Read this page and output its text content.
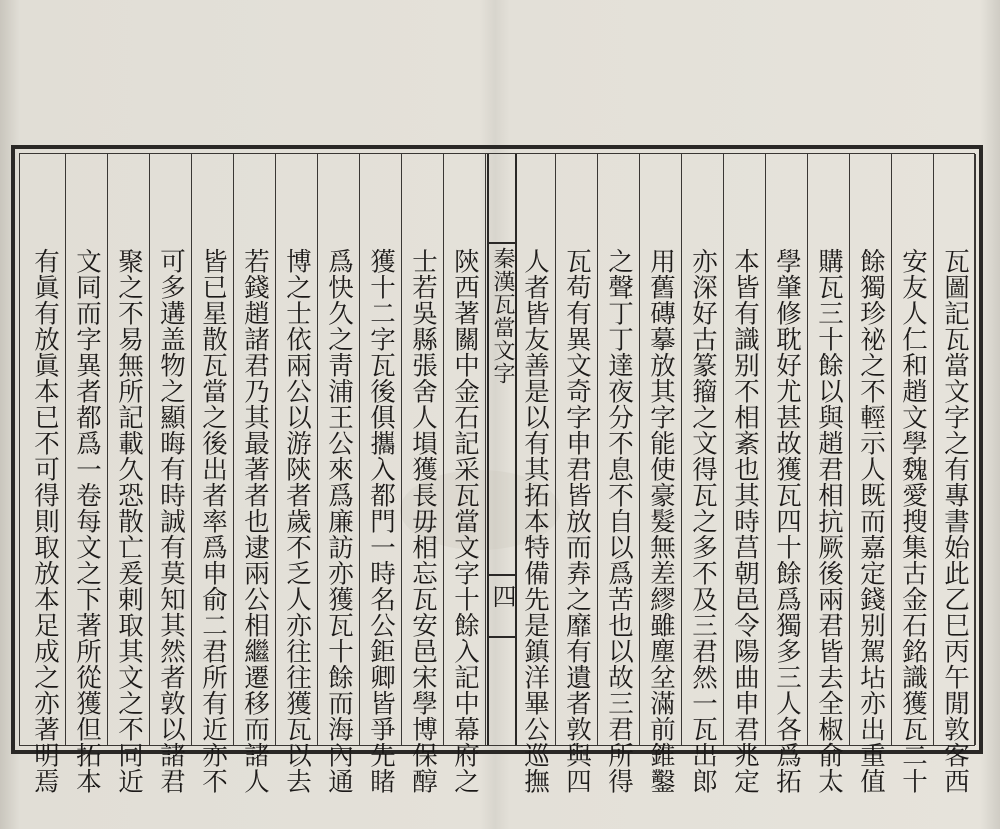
瓦圖記瓦當文字之有專書始此乙巳丙午閒敦客西
安友人仁和趙文學魏愛搜集古金石銘識獲瓦二十
餘獨珍祕之不輕示人既而嘉定錢别駕坫亦出重值
購瓦三十餘以與趙君相抗厥後兩君皆去全椒俞太
學肇修耽好尤甚故獲瓦四十餘爲獨多三人各爲拓
本皆有識别不相紊也其時莒朝邑令陽曲申君兆定
亦深好古篆籀之文得瓦之多不及三君然一瓦出郎
用舊磚摹放其字能使豪髮無差繆雖塵坌滿前錐鑿
之聲丁丁達夜分不息不自以爲苦也以故三君所得
瓦苟有異文奇字申君皆放而弆之靡有遺者敦與四
人者皆友善是以有其拓本特備先是鎮洋畢公巡撫
秦漢瓦當文字
四
陝西著關中金石記采瓦當文字十餘入記中幕府之
士若吳縣張舍人塤獲長毋相忘瓦安邑宋學博保醇
獲十二字瓦後俱攜入都門一時名公鉅卿皆爭先睹
爲快久之靑浦王公來爲廉訪亦獲瓦十餘而海內通
博之士依兩公以游陝者歲不乏人亦往往獲瓦以去
若錢趙諸君乃其最著者也逮兩公相繼遷移而諸人
皆已星散瓦當之後出者率爲申俞二君所有近亦不
可多遘盖物之顯晦有時誠有莫知其然者敦以諸君
聚之不易無所記載久恐散亡爰剌取其文之不同近
文同而字異者都爲一卷每文之下著所從獲但拓本
有眞有放眞本已不可得則取放本足成之亦著明焉
